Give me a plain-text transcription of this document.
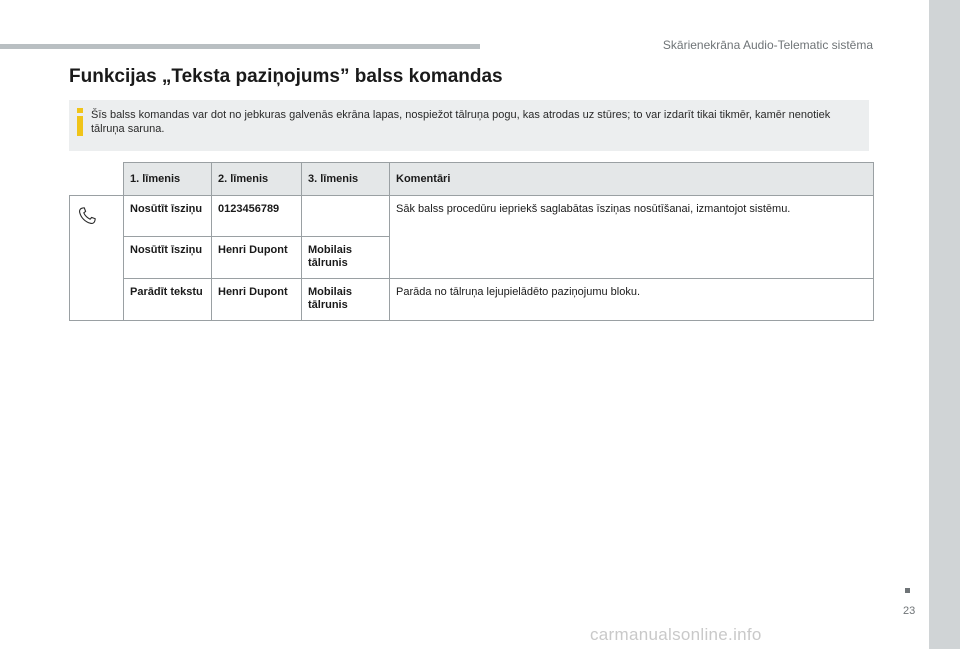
Skārienekrāna Audio-Telematic sistēma
Funkcijas „Teksta paziņojums” balss komandas
Šīs balss komandas var dot no jebkuras galvenās ekrāna lapas, nospiežot tālruņa pogu, kas atrodas uz stūres; to var izdarīt tikai tikmēr, kamēr nenotiek tālruņa saruna.
	1. līmenis	2. līmenis	3. līmenis	Komentāri
	Nosūtīt īsziņu	0123456789		Sāk balss procedūru iepriekš saglabātas īsziņas nosūtīšanai, izmantojot sistēmu.
	Nosūtīt īsziņu	Henri Dupont	Mobilais tālrunis	
	Parādīt tekstu	Henri Dupont	Mobilais tālrunis	Parāda no tālruņa lejupielādēto paziņojumu bloku.
23
carmanualsonline.info
